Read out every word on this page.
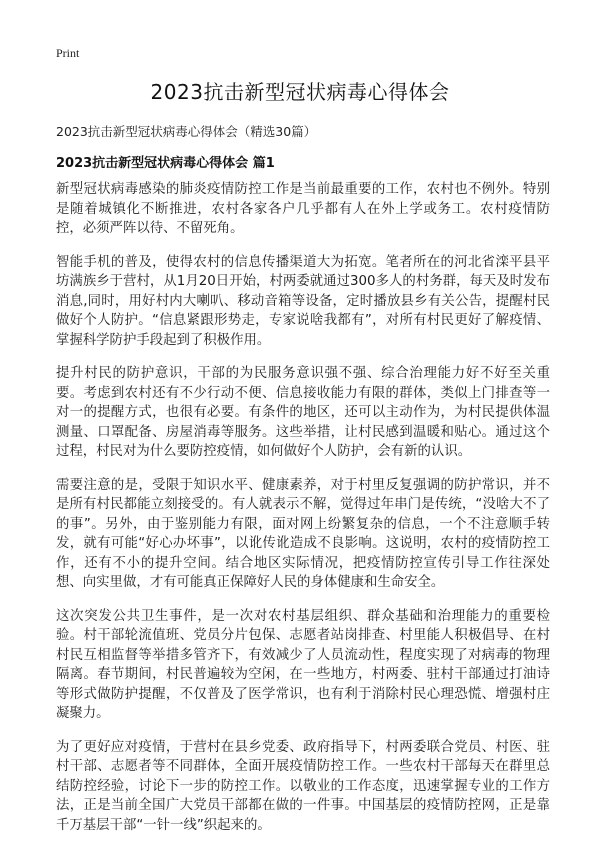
Print
2023抗击新型冠状病毒心得体会
2023抗击新型冠状病毒心得体会（精选30篇）
2023抗击新型冠状病毒心得体会 篇1

新型冠状病毒感染的肺炎疫情防控工作是当前最重要的工作，农村也不例外。特别是随着城镇化不断推进，农村各家各户几乎都有人在外上学或务工。农村疫情防控，必须严阵以待、不留死角。

智能手机的普及，使得农村的信息传播渠道大为拓宽。笔者所在的河北省滦平县平坊满族乡于营村，从1月20日开始，村两委就通过300多人的村务群，每天及时发布消息,同时，用好村内大喇叭、移动音箱等设备，定时播放县乡有关公告，提醒村民做好个人防护。“信息紧跟形势走，专家说啥我都有”，对所有村民更好了解疫情、掌握科学防护手段起到了积极作用。

提升村民的防护意识，干部的为民服务意识强不强、综合治理能力好不好至关重要。考虑到农村还有不少行动不便、信息接收能力有限的群体，类似上门排查等一对一的提醒方式，也很有必要。有条件的地区，还可以主动作为，为村民提供体温测量、口罩配备、房屋消毒等服务。这些举措，让村民感到温暖和贴心。通过这个过程，村民对为什么要防控疫情，如何做好个人防护，会有新的认识。

需要注意的是，受限于知识水平、健康素养，对于村里反复强调的防护常识，并不是所有村民都能立刻接受的。有人就表示不解，觉得过年串门是传统，“没啥大不了的事”。另外，由于鉴别能力有限，面对网上纷繁复杂的信息，一个不注意顺手转发，就有可能“好心办坏事”，以讹传讹造成不良影响。这说明，农村的疫情防控工作，还有不小的提升空间。结合地区实际情况，把疫情防控宣传引导工作往深处想、向实里做，才有可能真正保障好人民的身体健康和生命安全。

这次突发公共卫生事件，是一次对农村基层组织、群众基础和治理能力的重要检验。村干部轮流值班、党员分片包保、志愿者站岗排查、村里能人积极倡导、在村村民互相监督等举措多管齐下，有效减少了人员流动性，程度实现了对病毒的物理隔离。春节期间，村民普遍较为空闲，在一些地方，村两委、驻村干部通过打油诗等形式做防护提醒，不仅普及了医学常识，也有利于消除村民心理恐慌、增强村庄凝聚力。

为了更好应对疫情，于营村在县乡党委、政府指导下，村两委联合党员、村医、驻村干部、志愿者等不同群体，全面开展疫情防控工作。一些农村干部每天在群里总结防控经验，讨论下一步的防控工作。以敬业的工作态度，迅速掌握专业的工作方法，正是当前全国广大党员干部都在做的一件事。中国基层的疫情防控网，正是靠千万基层干部“一针一线”织起来的。
